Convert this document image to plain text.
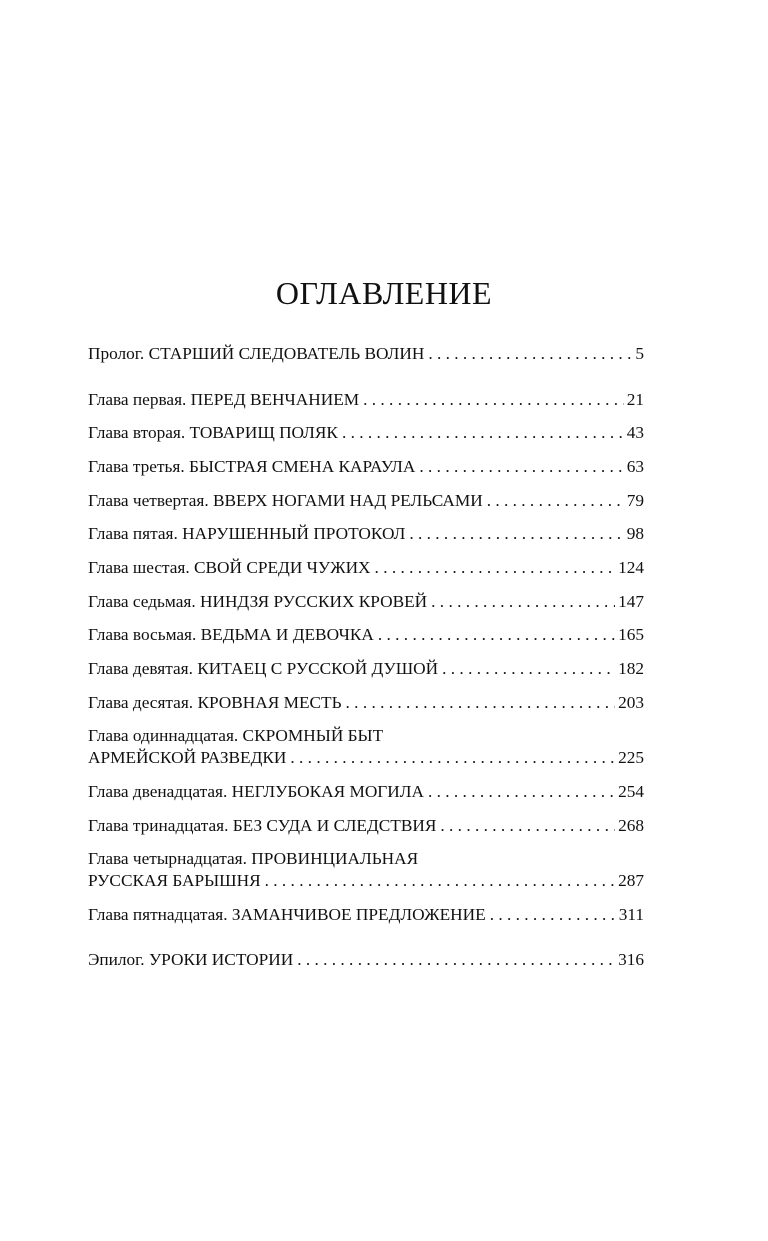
ОГЛАВЛЕНИЕ
Пролог. СТАРШИЙ СЛЕДОВАТЕЛЬ ВОЛИН . . .	5
Глава первая. ПЕРЕД ВЕНЧАНИЕМ . . .	21
Глава вторая. ТОВАРИЩ ПОЛЯК . . .	43
Глава третья. БЫСТРАЯ СМЕНА КАРАУЛА . . .	63
Глава четвертая. ВВЕРХ НОГАМИ НАД РЕЛЬСАМИ . . .	79
Глава пятая. НАРУШЕННЫЙ ПРОТОКОЛ . . .	98
Глава шестая. СВОЙ СРЕДИ ЧУЖИХ . . .	124
Глава седьмая. НИНДЗЯ РУССКИХ КРОВЕЙ . . .	147
Глава восьмая. ВЕДЬМА И ДЕВОЧКА . . .	165
Глава девятая. КИТАЕЦ С РУССКОЙ ДУШОЙ . . .	182
Глава десятая. КРОВНАЯ МЕСТЬ . . .	203
Глава одиннадцатая. СКРОМНЫЙ БЫТ
АРМЕЙСКОЙ РАЗВЕДКИ . . .	225
Глава двенадцатая. НЕГЛУБОКАЯ МОГИЛА . . .	254
Глава тринадцатая. БЕЗ СУДА И СЛЕДСТВИЯ . . .	268
Глава четырнадцатая. ПРОВИНЦИАЛЬНАЯ
РУССКАЯ БАРЫШНЯ . . .	287
Глава пятнадцатая. ЗАМАНЧИВОЕ ПРЕДЛОЖЕНИЕ . . .	311
Эпилог. УРОКИ ИСТОРИИ . . .	316
